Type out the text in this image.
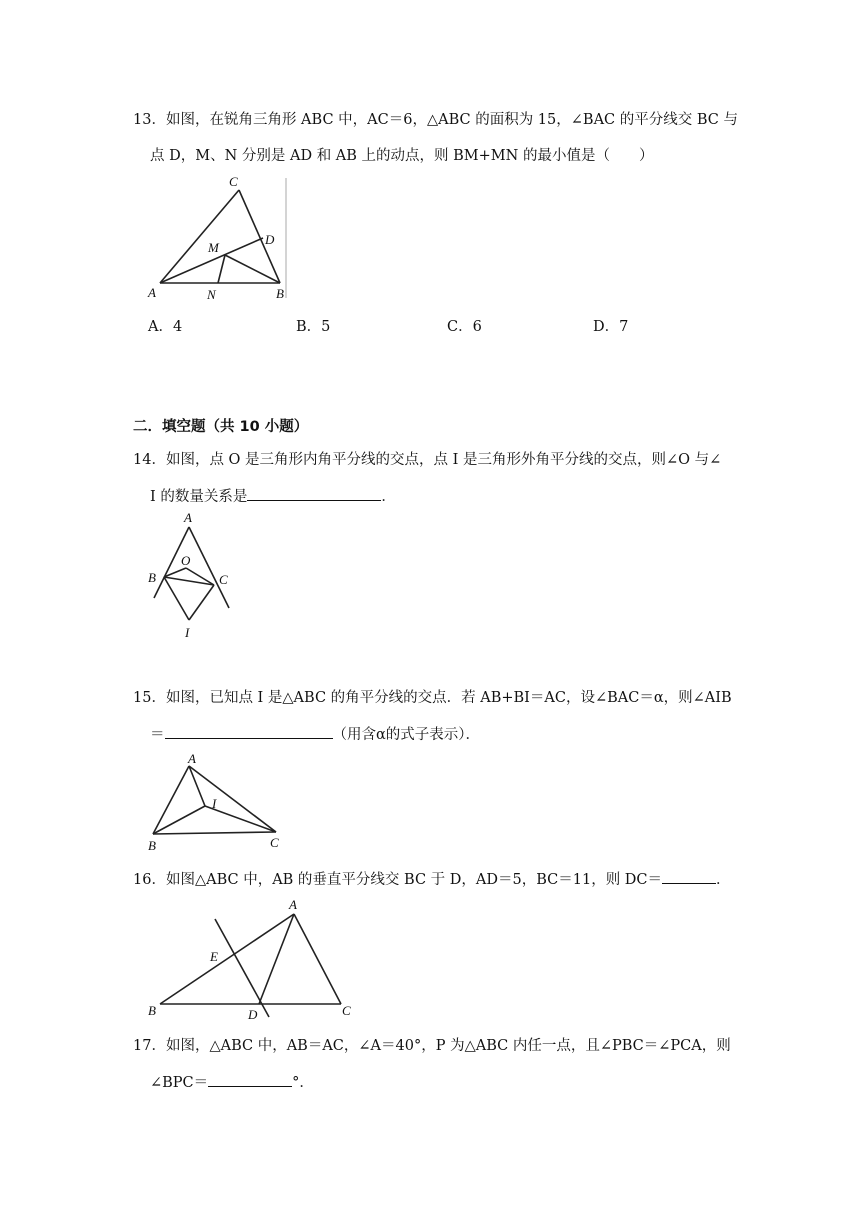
13．如图，在锐角三角形 ABC 中，AC＝6，△ABC 的面积为 15，∠BAC 的平分线交 BC 与
点 D，M、N 分别是 AD 和 AB 上的动点，则 BM+MN 的最小值是（　　）
C
D
M
A	N	B
A．4	B．5	C．6	D．7
二．填空题（共 10 小题）
14．如图，点 O 是三角形内角平分线的交点，点 I 是三角形外角平分线的交点，则∠O 与∠
I 的数量关系是	．
A
O
B	C
I
15．如图，已知点 I 是△ABC 的角平分线的交点．若 AB+BI＝AC，设∠BAC＝α，则∠AIB
＝	（用含α的式子表示）．
A
I
B	C
16．如图△ABC 中，AB 的垂直平分线交 BC 于 D，AD＝5，BC＝11，则 DC＝	．
A
E
B	D	C
17．如图，△ABC 中，AB＝AC，∠A＝40°，P 为△ABC 内任一点，且∠PBC＝∠PCA，则
∠BPC＝	°．
